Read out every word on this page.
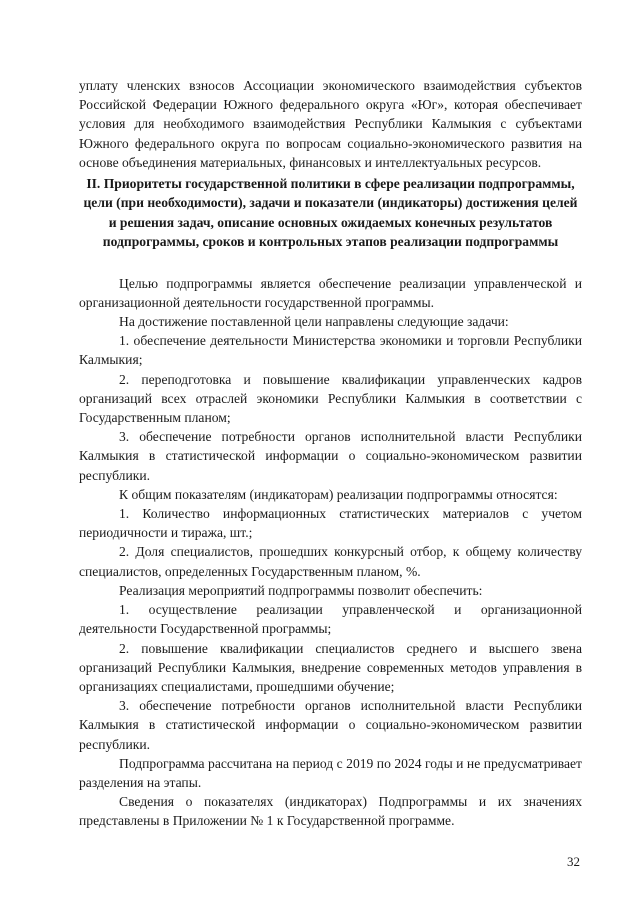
уплату членских взносов Ассоциации экономического взаимодействия субъектов Российской Федерации Южного федерального округа «Юг», которая обеспечивает условия для необходимого взаимодействия Республики Калмыкия с субъектами Южного федерального округа по вопросам социально-экономического развития на основе объединения материальных, финансовых и интеллектуальных ресурсов.

II. Приоритеты государственной политики в сфере реализации подпрограммы, цели (при необходимости), задачи и показатели (индикаторы) достижения целей и решения задач, описание основных ожидаемых конечных результатов подпрограммы, сроков и контрольных этапов реализации подпрограммы

Целью подпрограммы является обеспечение реализации управленческой и организационной деятельности государственной программы.

На достижение поставленной цели направлены следующие задачи:

1. обеспечение деятельности Министерства экономики и торговли Республики Калмыкия;

2. переподготовка и повышение квалификации управленческих кадров организаций всех отраслей экономики Республики Калмыкия в соответствии с Государственным планом;

3. обеспечение потребности органов исполнительной власти Республики Калмыкия в статистической информации о социально-экономическом развитии республики.

К общим показателям (индикаторам) реализации подпрограммы относятся:

1. Количество информационных статистических материалов с учетом периодичности и тиража, шт.;

2. Доля специалистов, прошедших конкурсный отбор, к общему количеству специалистов, определенных Государственным планом, %.

Реализация мероприятий подпрограммы позволит обеспечить:

1. осуществление реализации управленческой и организационной деятельности Государственной программы;

2. повышение квалификации специалистов среднего и высшего звена организаций Республики Калмыкия, внедрение современных методов управления в организациях специалистами, прошедшими обучение;

3. обеспечение потребности органов исполнительной власти Республики Калмыкия в статистической информации о социально-экономическом развитии республики.

Подпрограмма рассчитана на период с 2019 по 2024 годы и не предусматривает разделения на этапы.

Сведения о показателях (индикаторах) Подпрограммы и их значениях представлены в Приложении № 1 к Государственной программе.

32
